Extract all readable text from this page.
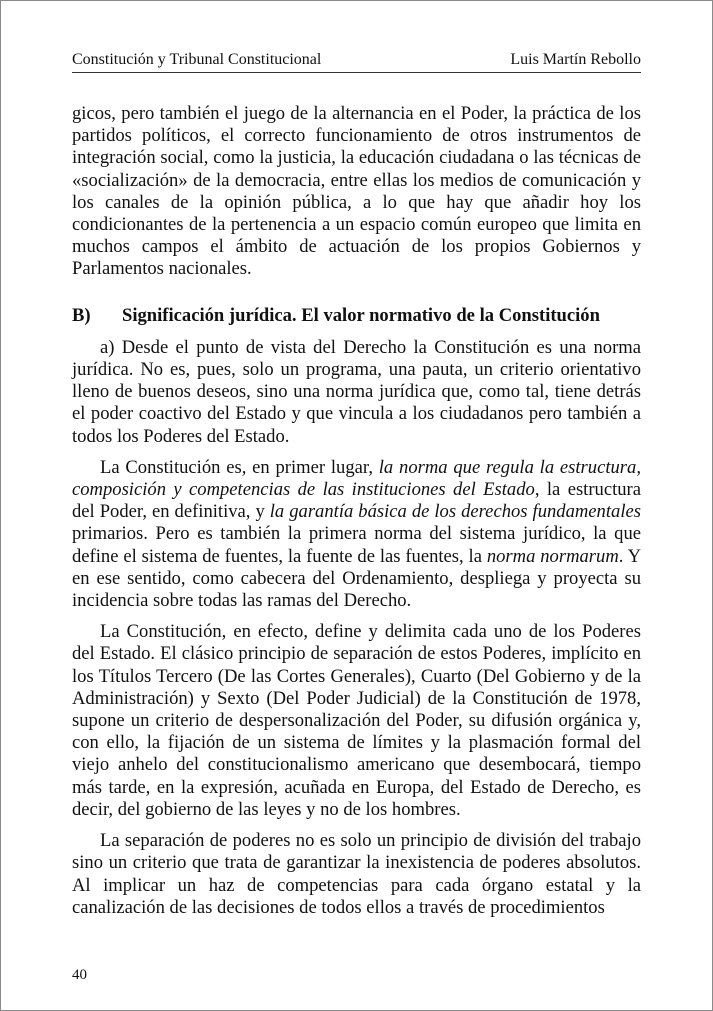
Constitución y Tribunal Constitucional	Luis Martín Rebollo

gicos, pero también el juego de la alternancia en el Poder, la práctica de los partidos políticos, el correcto funcionamiento de otros instrumentos de integración social, como la justicia, la educación ciudadana o las técnicas de «socialización» de la democracia, entre ellas los medios de comunicación y los canales de la opinión pública, a lo que hay que añadir hoy los condicionantes de la pertenencia a un espacio común europeo que limita en muchos campos el ámbito de actuación de los propios Gobiernos y Parlamentos nacionales.

B)	Significación jurídica. El valor normativo de la Constitución

a) Desde el punto de vista del Derecho la Constitución es una norma jurídica. No es, pues, solo un programa, una pauta, un criterio orientativo lleno de buenos deseos, sino una norma jurídica que, como tal, tiene detrás el poder coactivo del Estado y que vincula a los ciudadanos pero también a todos los Poderes del Estado.

La Constitución es, en primer lugar, la norma que regula la estructura, composición y competencias de las instituciones del Estado, la estructura del Poder, en definitiva, y la garantía básica de los derechos fundamentales primarios. Pero es también la primera norma del sistema jurídico, la que define el sistema de fuentes, la fuente de las fuentes, la norma normarum. Y en ese sentido, como cabecera del Ordenamiento, despliega y proyecta su incidencia sobre todas las ramas del Derecho.

La Constitución, en efecto, define y delimita cada uno de los Poderes del Estado. El clásico principio de separación de estos Poderes, implícito en los Títulos Tercero (De las Cortes Generales), Cuarto (Del Gobierno y de la Administración) y Sexto (Del Poder Judicial) de la Constitución de 1978, supone un criterio de despersonalización del Poder, su difusión orgánica y, con ello, la fijación de un sistema de límites y la plasmación formal del viejo anhelo del constitucionalismo americano que desembocará, tiempo más tarde, en la expresión, acuñada en Europa, del Estado de Derecho, es decir, del gobierno de las leyes y no de los hombres.

La separación de poderes no es solo un principio de división del trabajo sino un criterio que trata de garantizar la inexistencia de poderes absolutos. Al implicar un haz de competencias para cada órgano estatal y la canalización de las decisiones de todos ellos a través de procedimientos

40
